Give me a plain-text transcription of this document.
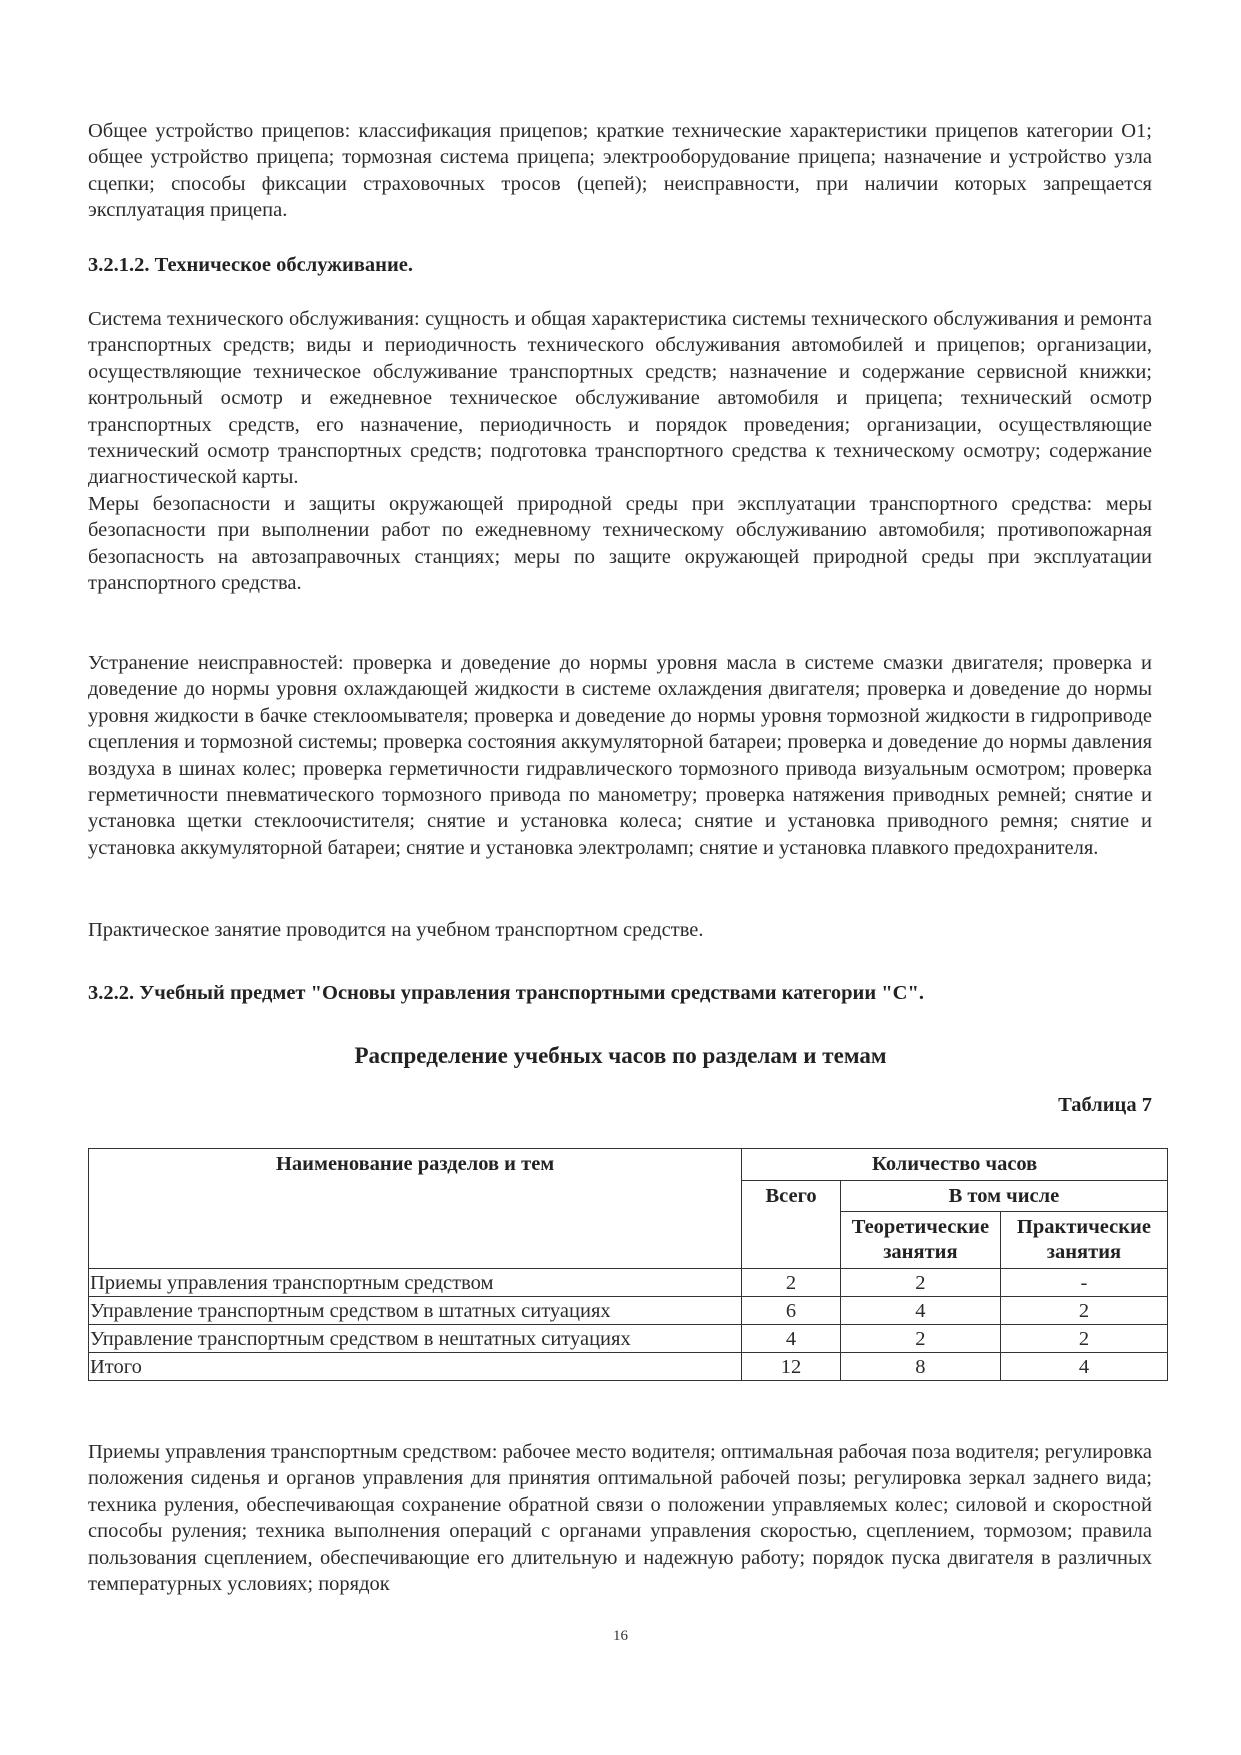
Общее устройство прицепов: классификация прицепов; краткие технические характеристики прицепов категории О1; общее устройство прицепа; тормозная система прицепа; электрооборудование прицепа; назначение и устройство узла сцепки; способы фиксации страховочных тросов (цепей); неисправности, при наличии которых запрещается эксплуатация прицепа.

3.2.1.2. Техническое обслуживание.

Система технического обслуживания: сущность и общая характеристика системы технического обслуживания и ремонта транспортных средств; виды и периодичность технического обслуживания автомобилей и прицепов; организации, осуществляющие техническое обслуживание транспортных средств; назначение и содержание сервисной книжки; контрольный осмотр и ежедневное техническое обслуживание автомобиля и прицепа; технический осмотр транспортных средств, его назначение, периодичность и порядок проведения; организации, осуществляющие технический осмотр транспортных средств; подготовка транспортного средства к техническому осмотру; содержание диагностической карты.

Меры безопасности и защиты окружающей природной среды при эксплуатации транспортного средства: меры безопасности при выполнении работ по ежедневному техническому обслуживанию автомобиля; противопожарная безопасность на автозаправочных станциях; меры по защите окружающей природной среды при эксплуатации транспортного средства.

Устранение неисправностей: проверка и доведение до нормы уровня масла в системе смазки двигателя; проверка и доведение до нормы уровня охлаждающей жидкости в системе охлаждения двигателя; проверка и доведение до нормы уровня жидкости в бачке стеклоомывателя; проверка и доведение до нормы уровня тормозной жидкости в гидроприводе сцепления и тормозной системы; проверка состояния аккумуляторной батареи; проверка и доведение до нормы давления воздуха в шинах колес; проверка герметичности гидравлического тормозного привода визуальным осмотром; проверка герметичности пневматического тормозного привода по манометру; проверка натяжения приводных ремней; снятие и установка щетки стеклоочистителя; снятие и установка колеса; снятие и установка приводного ремня; снятие и установка аккумуляторной батареи; снятие и установка электроламп; снятие и установка плавкого предохранителя.

Практическое занятие проводится на учебном транспортном средстве.

3.2.2. Учебный предмет "Основы управления транспортными средствами категории "C".

Распределение учебных часов по разделам и темам

Таблица 7
Наименование разделов и тем	Количество часов		
	Всего	В том числе	
		Теоретические занятия	Практические занятия
Приемы управления транспортным средством	2	2	-
Управление транспортным средством в штатных ситуациях	6	4	2
Управление транспортным средством в нештатных ситуациях	4	2	2
Итого	12	8	4

Приемы управления транспортным средством: рабочее место водителя; оптимальная рабочая поза водителя; регулировка положения сиденья и органов управления для принятия оптимальной рабочей позы; регулировка зеркал заднего вида; техника руления, обеспечивающая сохранение обратной связи о положении управляемых колес; силовой и скоростной способы руления; техника выполнения операций с органами управления скоростью, сцеплением, тормозом; правила пользования сцеплением, обеспечивающие его длительную и надежную работу; порядок пуска двигателя в различных температурных условиях; порядок

16
